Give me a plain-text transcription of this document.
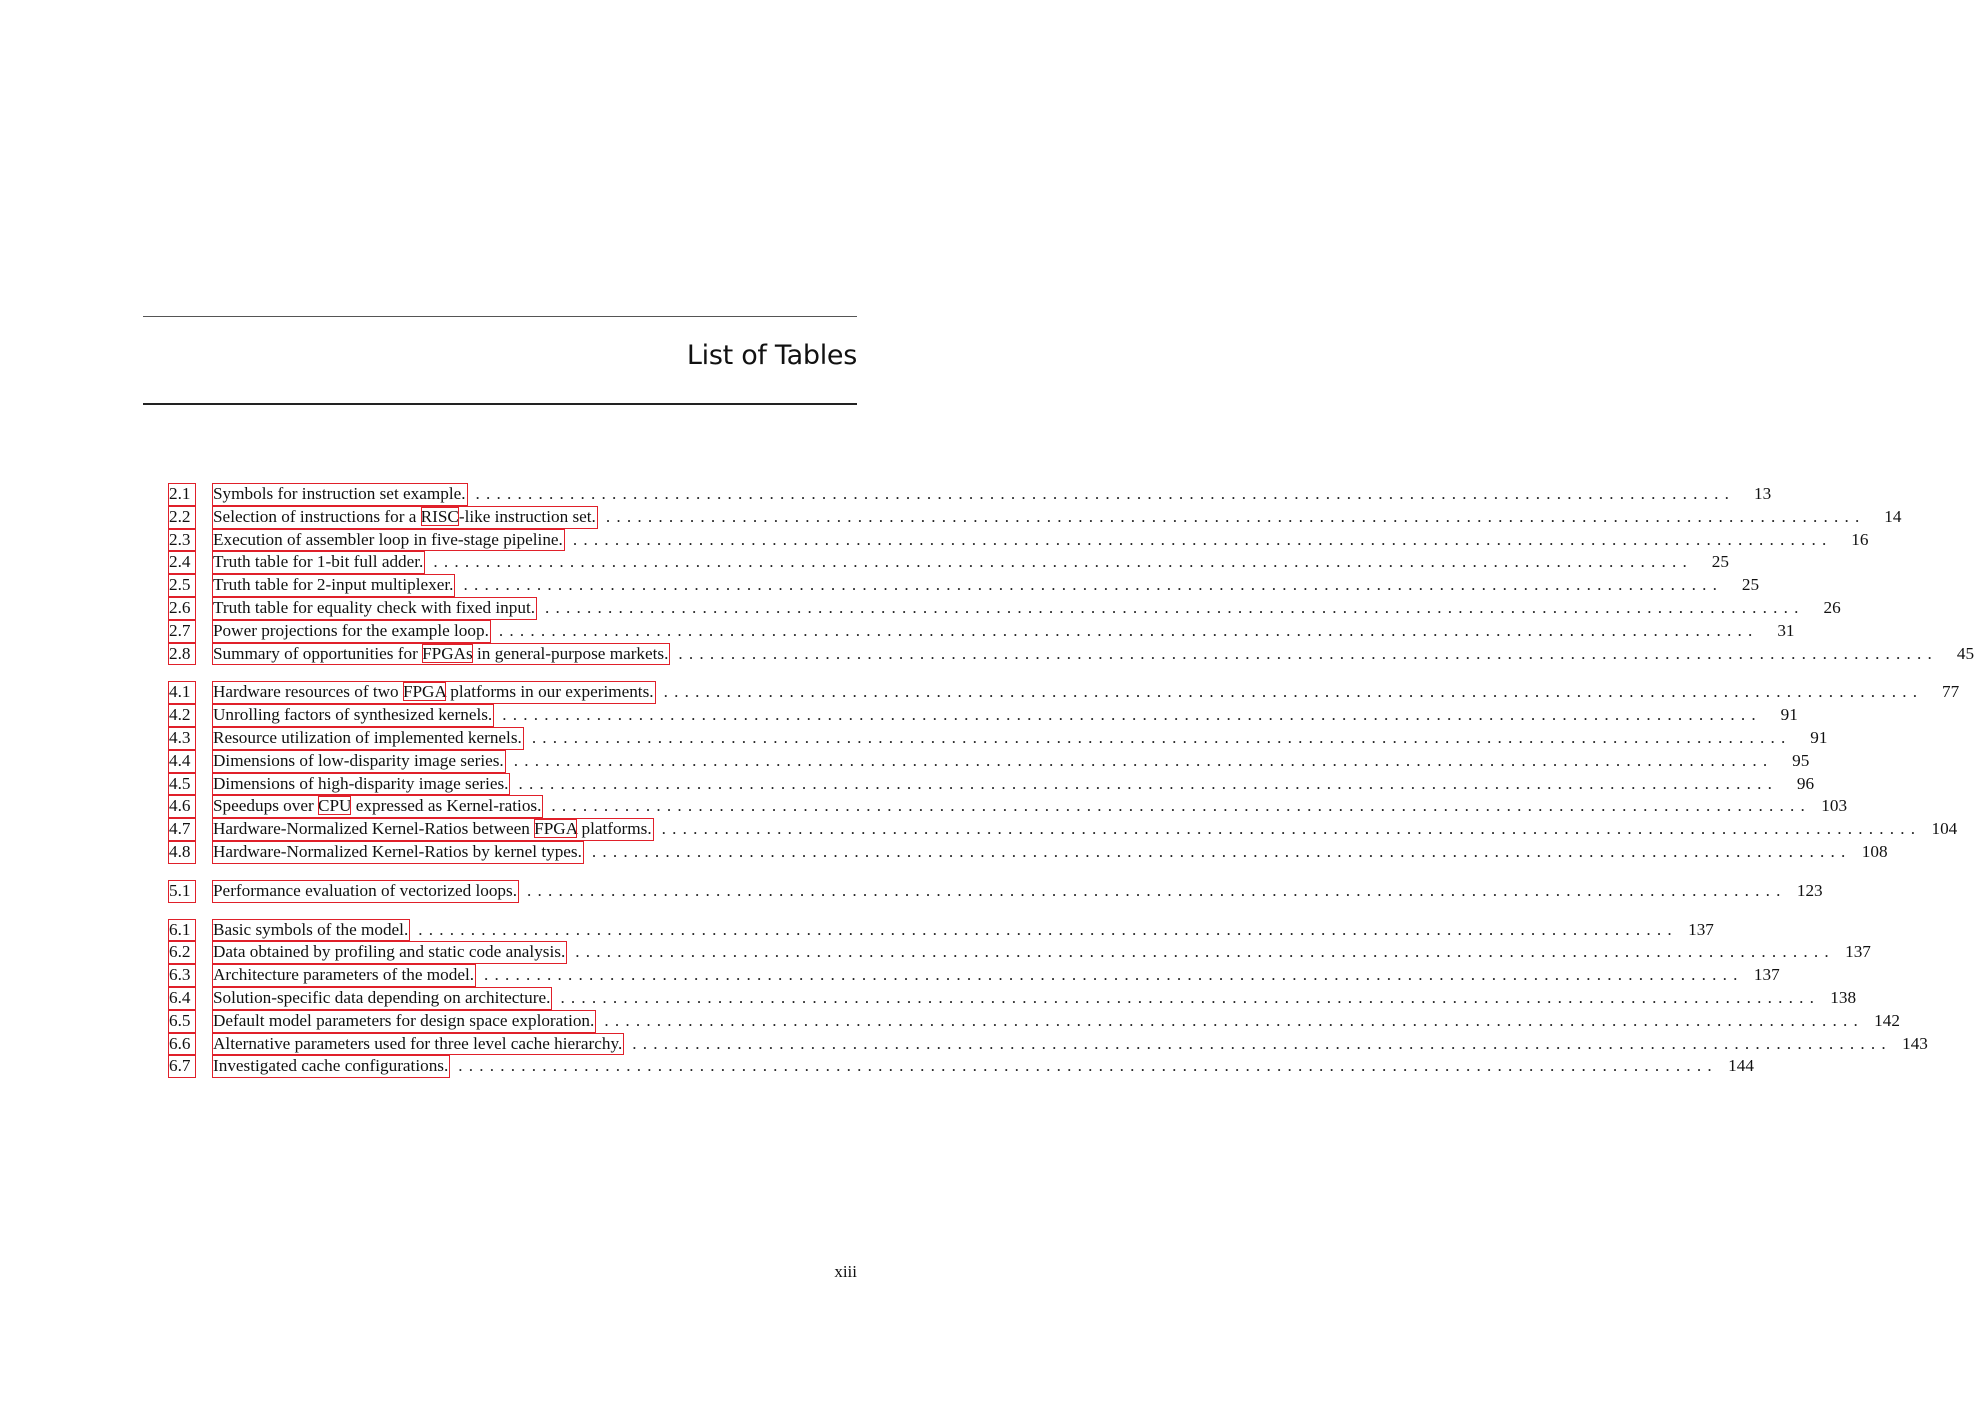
List of Tables
2.1	Symbols for instruction set example. ........................................................................................................................	13
2.2	Selection of instructions for a RISC-like instruction set. ........................................................................................................................	14
2.3	Execution of assembler loop in five-stage pipeline. ........................................................................................................................	16
2.4	Truth table for 1-bit full adder. ........................................................................................................................	25
2.5	Truth table for 2-input multiplexer. ........................................................................................................................	25
2.6	Truth table for equality check with fixed input. ........................................................................................................................	26
2.7	Power projections for the example loop. ........................................................................................................................	31
2.8	Summary of opportunities for FPGAs in general-purpose markets. ........................................................................................................................	45
4.1	Hardware resources of two FPGA platforms in our experiments. ........................................................................................................................	77
4.2	Unrolling factors of synthesized kernels. ........................................................................................................................	91
4.3	Resource utilization of implemented kernels. ........................................................................................................................	91
4.4	Dimensions of low-disparity image series. ........................................................................................................................	95
4.5	Dimensions of high-disparity image series. ........................................................................................................................	96
4.6	Speedups over CPU expressed as Kernel-ratios. ........................................................................................................................ 103
4.7	Hardware-Normalized Kernel-Ratios between FPGA platforms. ........................................................................................................................ 104
4.8	Hardware-Normalized Kernel-Ratios by kernel types. ........................................................................................................................ 108
5.1	Performance evaluation of vectorized loops. ........................................................................................................................ 123
6.1	Basic symbols of the model. ........................................................................................................................ 137
6.2	Data obtained by profiling and static code analysis. ........................................................................................................................ 137
6.3	Architecture parameters of the model. ........................................................................................................................ 137
6.4	Solution-specific data depending on architecture. ........................................................................................................................ 138
6.5	Default model parameters for design space exploration. ........................................................................................................................ 142
6.6	Alternative parameters used for three level cache hierarchy. ........................................................................................................................ 143
6.7	Investigated cache configurations. ........................................................................................................................ 144

xiii
